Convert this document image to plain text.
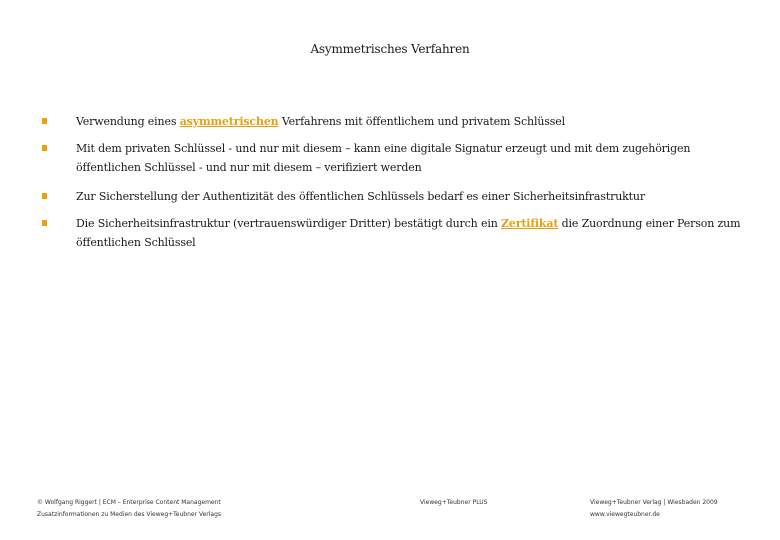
Asymmetrisches Verfahren
Verwendung eines asymmetrischen Verfahrens mit öffentlichem und privatem Schlüssel
Mit dem privaten Schlüssel - und nur mit diesem – kann eine digitale Signatur erzeugt und mit dem zugehörigen öffentlichen Schlüssel - und nur mit diesem – verifiziert werden
Zur Sicherstellung der Authentizität des öffentlichen Schlüssels bedarf es einer Sicherheitsinfrastruktur
Die Sicherheitsinfrastruktur (vertrauenswürdiger Dritter) bestätigt durch ein Zertifikat die Zuordnung einer Person zum öffentlichen Schlüssel
© Wolfgang Riggert | ECM – Enterprise Content Management
Zusatzinformationen zu Medien des Vieweg+Teubner Verlags
Vieweg+Teubner PLUS	Vieweg+Teubner Verlag | Wiesbaden 2009
www.viewegteubner.de
